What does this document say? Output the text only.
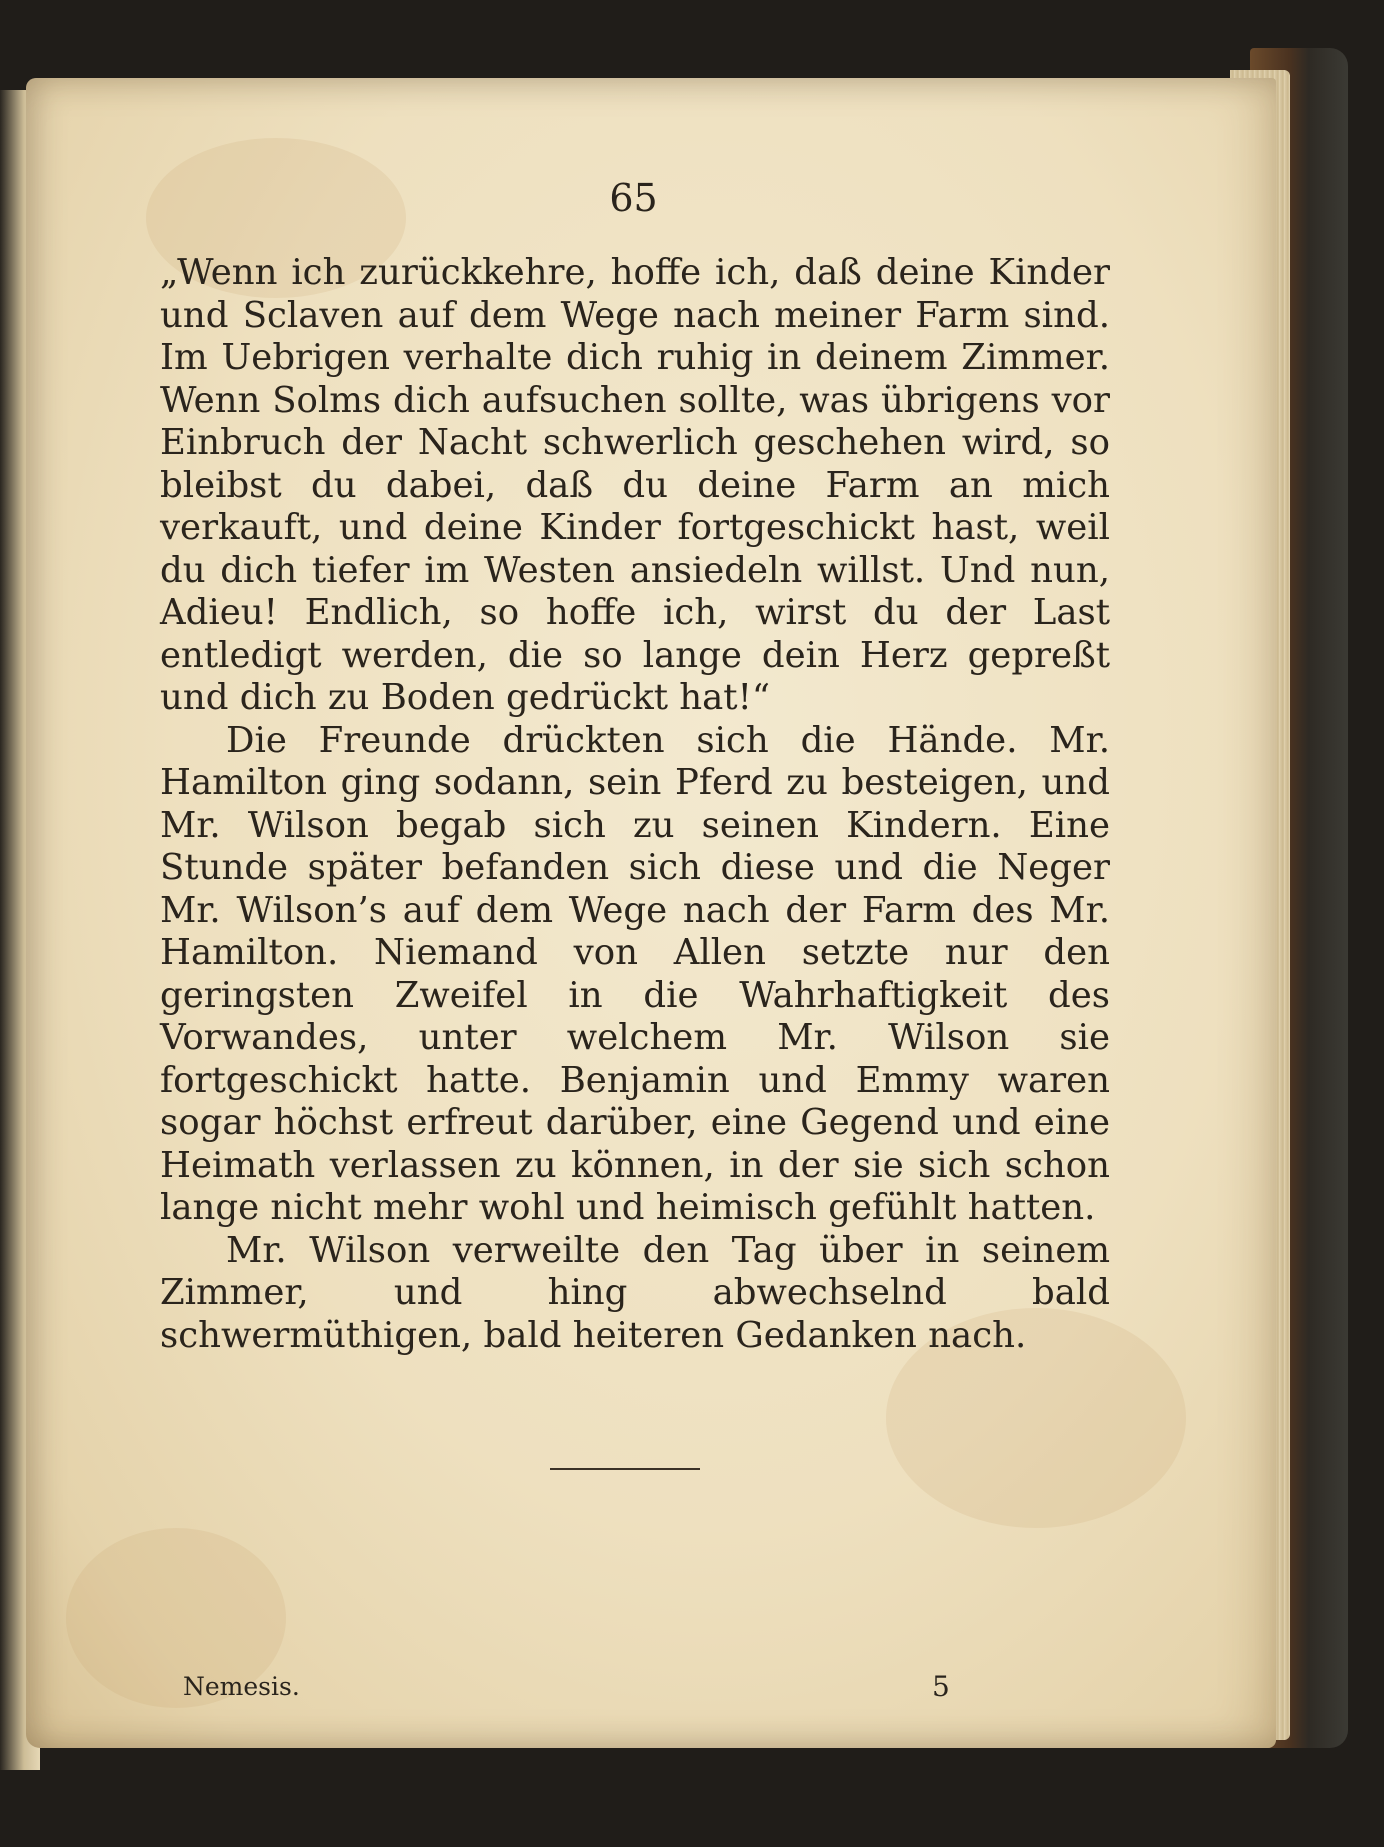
65

„Wenn ich zurückkehre, hoffe ich, daß deine Kinder und Sclaven auf dem Wege nach meiner Farm sind. Im Uebrigen verhalte dich ruhig in deinem Zimmer. Wenn Solms dich aufsuchen sollte, was übrigens vor Einbruch der Nacht schwerlich geschehen wird, so bleibst du dabei, daß du deine Farm an mich verkauft, und deine Kinder fortgeschickt hast, weil du dich tiefer im Westen ansiedeln willst. Und nun, Adieu! Endlich, so hoffe ich, wirst du der Last entledigt werden, die so lange dein Herz gepreßt und dich zu Boden gedrückt hat!“

Die Freunde drückten sich die Hände. Mr. Hamilton ging sodann, sein Pferd zu besteigen, und Mr. Wilson begab sich zu seinen Kindern. Eine Stunde später befanden sich diese und die Neger Mr. Wilson’s auf dem Wege nach der Farm des Mr. Hamilton. Niemand von Allen setzte nur den geringsten Zweifel in die Wahrhaftigkeit des Vorwandes, unter welchem Mr. Wilson sie fortgeschickt hatte. Benjamin und Emmy waren sogar höchst erfreut darüber, eine Gegend und eine Heimath verlassen zu können, in der sie sich schon lange nicht mehr wohl und heimisch gefühlt hatten.

Mr. Wilson verweilte den Tag über in seinem Zimmer, und hing abwechselnd bald schwermüthigen, bald heiteren Gedanken nach.

Nemesis.	5
